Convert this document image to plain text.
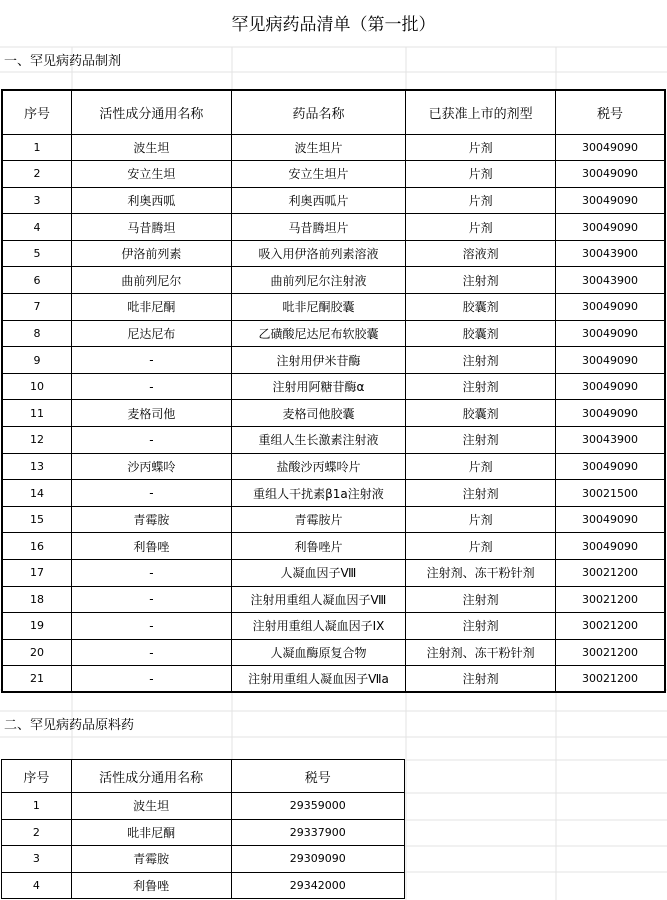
罕见病药品清单（第一批）
一、罕见病药品制剂
序号	活性成分通用名称	药品名称	已获准上市的剂型	税号
1	波生坦	波生坦片	片剂	30049090
2	安立生坦	安立生坦片	片剂	30049090
3	利奥西呱	利奥西呱片	片剂	30049090
4	马昔腾坦	马昔腾坦片	片剂	30049090
5	伊洛前列素	吸入用伊洛前列素溶液	溶液剂	30043900
6	曲前列尼尔	曲前列尼尔注射液	注射剂	30043900
7	吡非尼酮	吡非尼酮胶囊	胶囊剂	30049090
8	尼达尼布	乙磺酸尼达尼布软胶囊	胶囊剂	30049090
9	-	注射用伊米苷酶	注射剂	30049090
10	-	注射用阿糖苷酶α	注射剂	30049090
11	麦格司他	麦格司他胶囊	胶囊剂	30049090
12	-	重组人生长激素注射液	注射剂	30043900
13	沙丙蝶呤	盐酸沙丙蝶呤片	片剂	30049090
14	-	重组人干扰素β1a注射液	注射剂	30021500
15	青霉胺	青霉胺片	片剂	30049090
16	利鲁唑	利鲁唑片	片剂	30049090
17	-	人凝血因子Ⅷ	注射剂、冻干粉针剂	30021200
18	-	注射用重组人凝血因子Ⅷ	注射剂	30021200
19	-	注射用重组人凝血因子IX	注射剂	30021200
20	-	人凝血酶原复合物	注射剂、冻干粉针剂	30021200
21	-	注射用重组人凝血因子Ⅶa	注射剂	30021200
二、罕见病药品原料药
序号	活性成分通用名称	税号
1	波生坦	29359000
2	吡非尼酮	29337900
3	青霉胺	29309090
4	利鲁唑	29342000
